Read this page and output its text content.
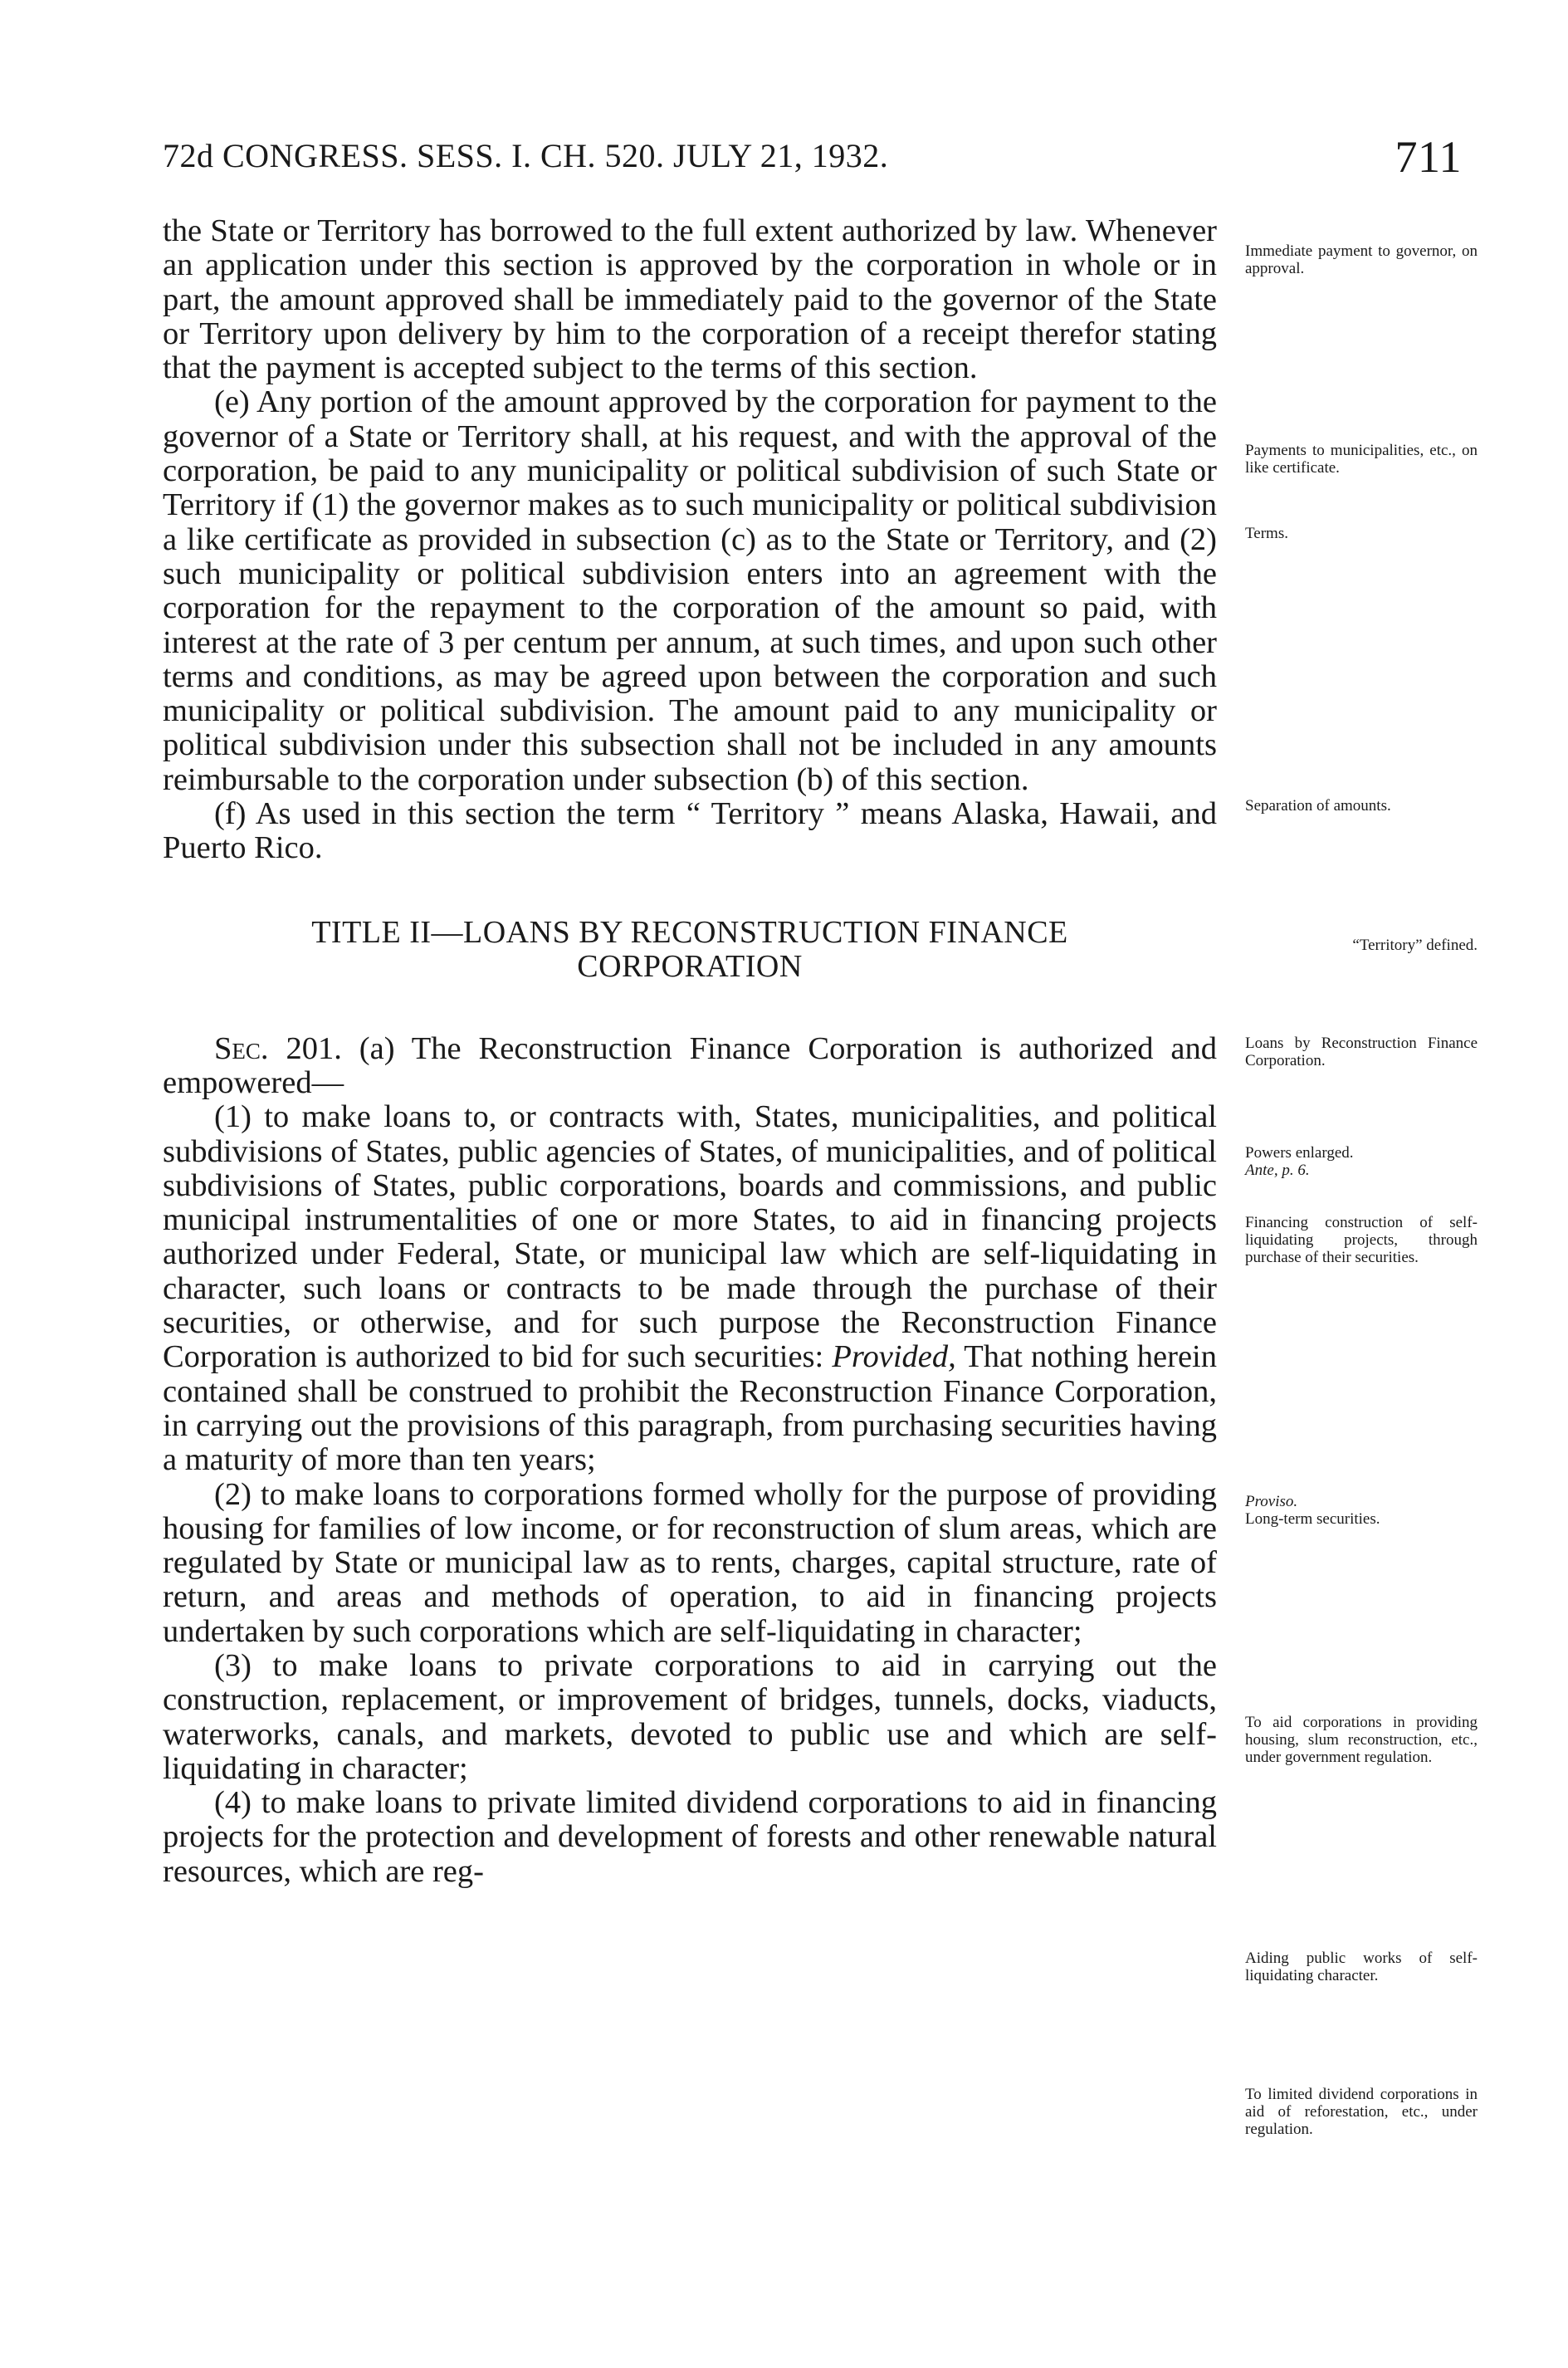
72d CONGRESS. SESS. I. CH. 520. JULY 21, 1932.	711

the State or Territory has borrowed to the full extent authorized by law. Whenever an application under this section is approved by the corporation in whole or in part, the amount approved shall be immediately paid to the governor of the State or Territory upon delivery by him to the corporation of a receipt therefor stating that the payment is accepted subject to the terms of this section.

(e) Any portion of the amount approved by the corporation for payment to the governor of a State or Territory shall, at his request, and with the approval of the corporation, be paid to any municipality or political subdivision of such State or Territory if (1) the governor makes as to such municipality or political subdivision a like certificate as provided in subsection (c) as to the State or Territory, and (2) such municipality or political subdivision enters into an agreement with the corporation for the repayment to the corporation of the amount so paid, with interest at the rate of 3 per centum per annum, at such times, and upon such other terms and conditions, as may be agreed upon between the corporation and such municipality or political subdivision. The amount paid to any municipality or political subdivision under this subsection shall not be included in any amounts reimbursable to the corporation under subsection (b) of this section.

(f) As used in this section the term “ Territory ” means Alaska, Hawaii, and Puerto Rico.

TITLE II—LOANS BY RECONSTRUCTION FINANCE
CORPORATION

Sec. 201. (a) The Reconstruction Finance Corporation is authorized and empowered—

(1) to make loans to, or contracts with, States, municipalities, and political subdivisions of States, public agencies of States, of municipalities, and of political subdivisions of States, public corporations, boards and commissions, and public municipal instrumentalities of one or more States, to aid in financing projects authorized under Federal, State, or municipal law which are self-liquidating in character, such loans or contracts to be made through the purchase of their securities, or otherwise, and for such purpose the Reconstruction Finance Corporation is authorized to bid for such securities: Provided, That nothing herein contained shall be construed to prohibit the Reconstruction Finance Corporation, in carrying out the provisions of this paragraph, from purchasing securities having a maturity of more than ten years;

(2) to make loans to corporations formed wholly for the purpose of providing housing for families of low income, or for reconstruction of slum areas, which are regulated by State or municipal law as to rents, charges, capital structure, rate of return, and areas and methods of operation, to aid in financing projects undertaken by such corporations which are self-liquidating in character;

(3) to make loans to private corporations to aid in carrying out the construction, replacement, or improvement of bridges, tunnels, docks, viaducts, waterworks, canals, and markets, devoted to public use and which are self-liquidating in character;

(4) to make loans to private limited dividend corporations to aid in financing projects for the protection and development of forests and other renewable natural resources, which are reg-

Immediate payment to governor, on approval.
Payments to municipalities, etc., on like certificate.
Terms.
Separation of amounts.
“Territory” defined.
Loans by Reconstruction Finance Corporation.
Powers enlarged.
Ante, p. 6.
Financing construction of self-liquidating projects, through purchase of their securities.
Proviso.
Long-term securities.
To aid corporations in providing housing, slum reconstruction, etc., under government regulation.
Aiding public works of self-liquidating character.
To limited dividend corporations in aid of reforestation, etc., under regulation.
